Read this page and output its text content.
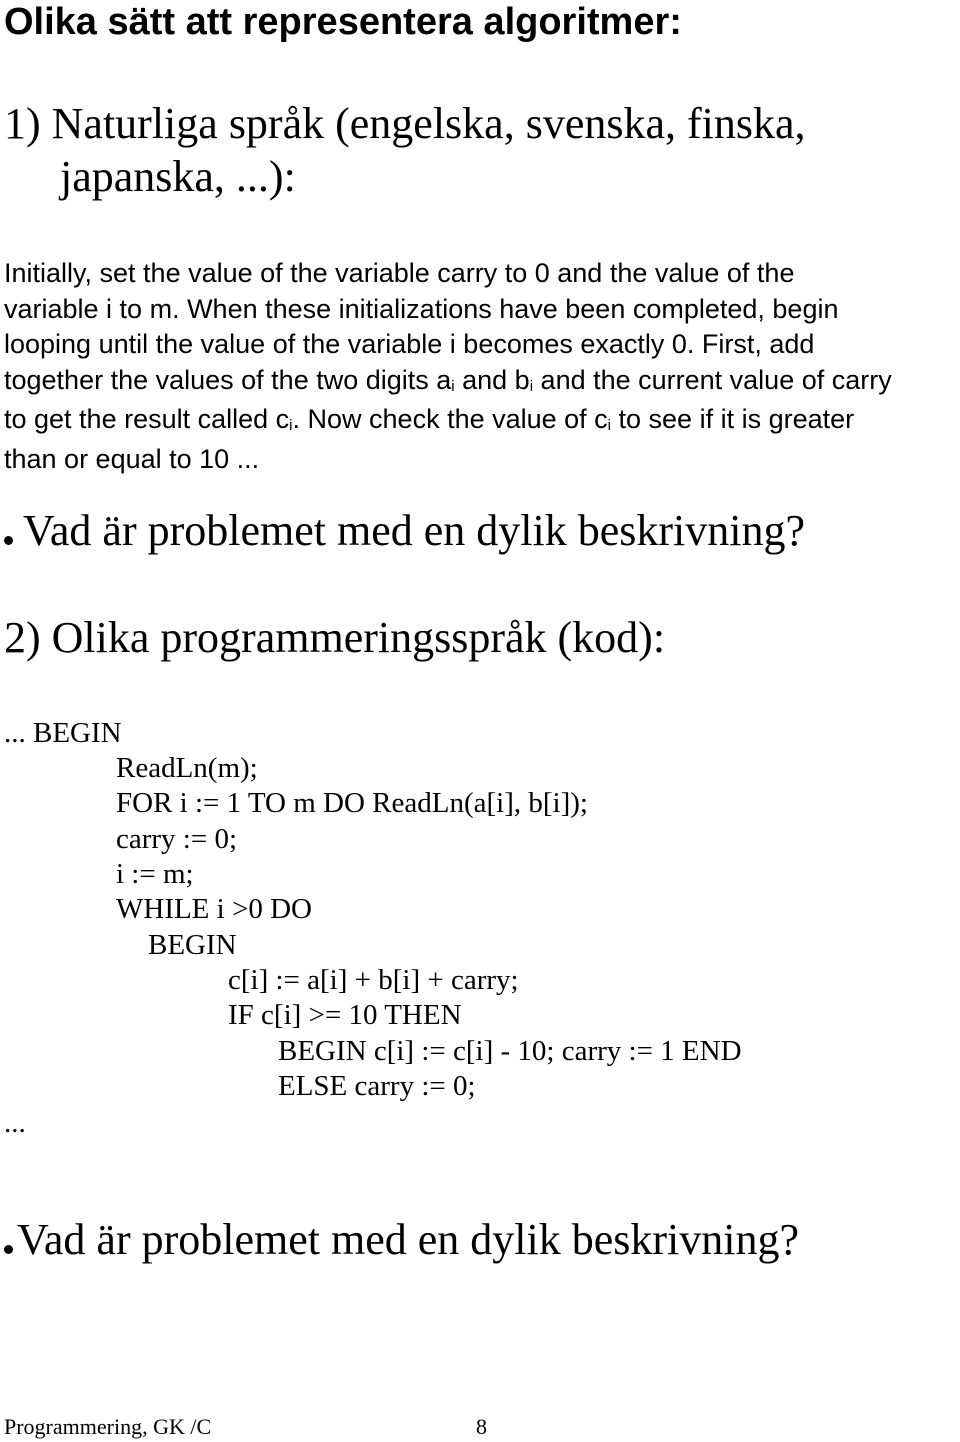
Olika sätt att representera algoritmer:
1) Naturliga språk (engelska, svenska, finska,
japanska, ...):
Initially, set the value of the variable carry to 0 and the value of the
variable i to m. When these initializations have been completed, begin
looping until the value of the variable i becomes exactly 0. First, add
together the values of the two digits ai and bi and the current value of carry
to get the result called ci. Now check the value of ci to see if it is greater
than or equal to 10 ...
Vad är problemet med en dylik beskrivning?
2) Olika programmeringsspråk (kod):
... BEGIN
ReadLn(m);
FOR i := 1 TO m DO ReadLn(a[i], b[i]);
carry := 0;
i := m;
WHILE i >0 DO
BEGIN
c[i] := a[i] + b[i] + carry;
IF c[i] >= 10 THEN
BEGIN c[i] := c[i] - 10; carry := 1 END
ELSE carry := 0;
...
Vad är problemet med en dylik beskrivning?
Programmering, GK /C	8
